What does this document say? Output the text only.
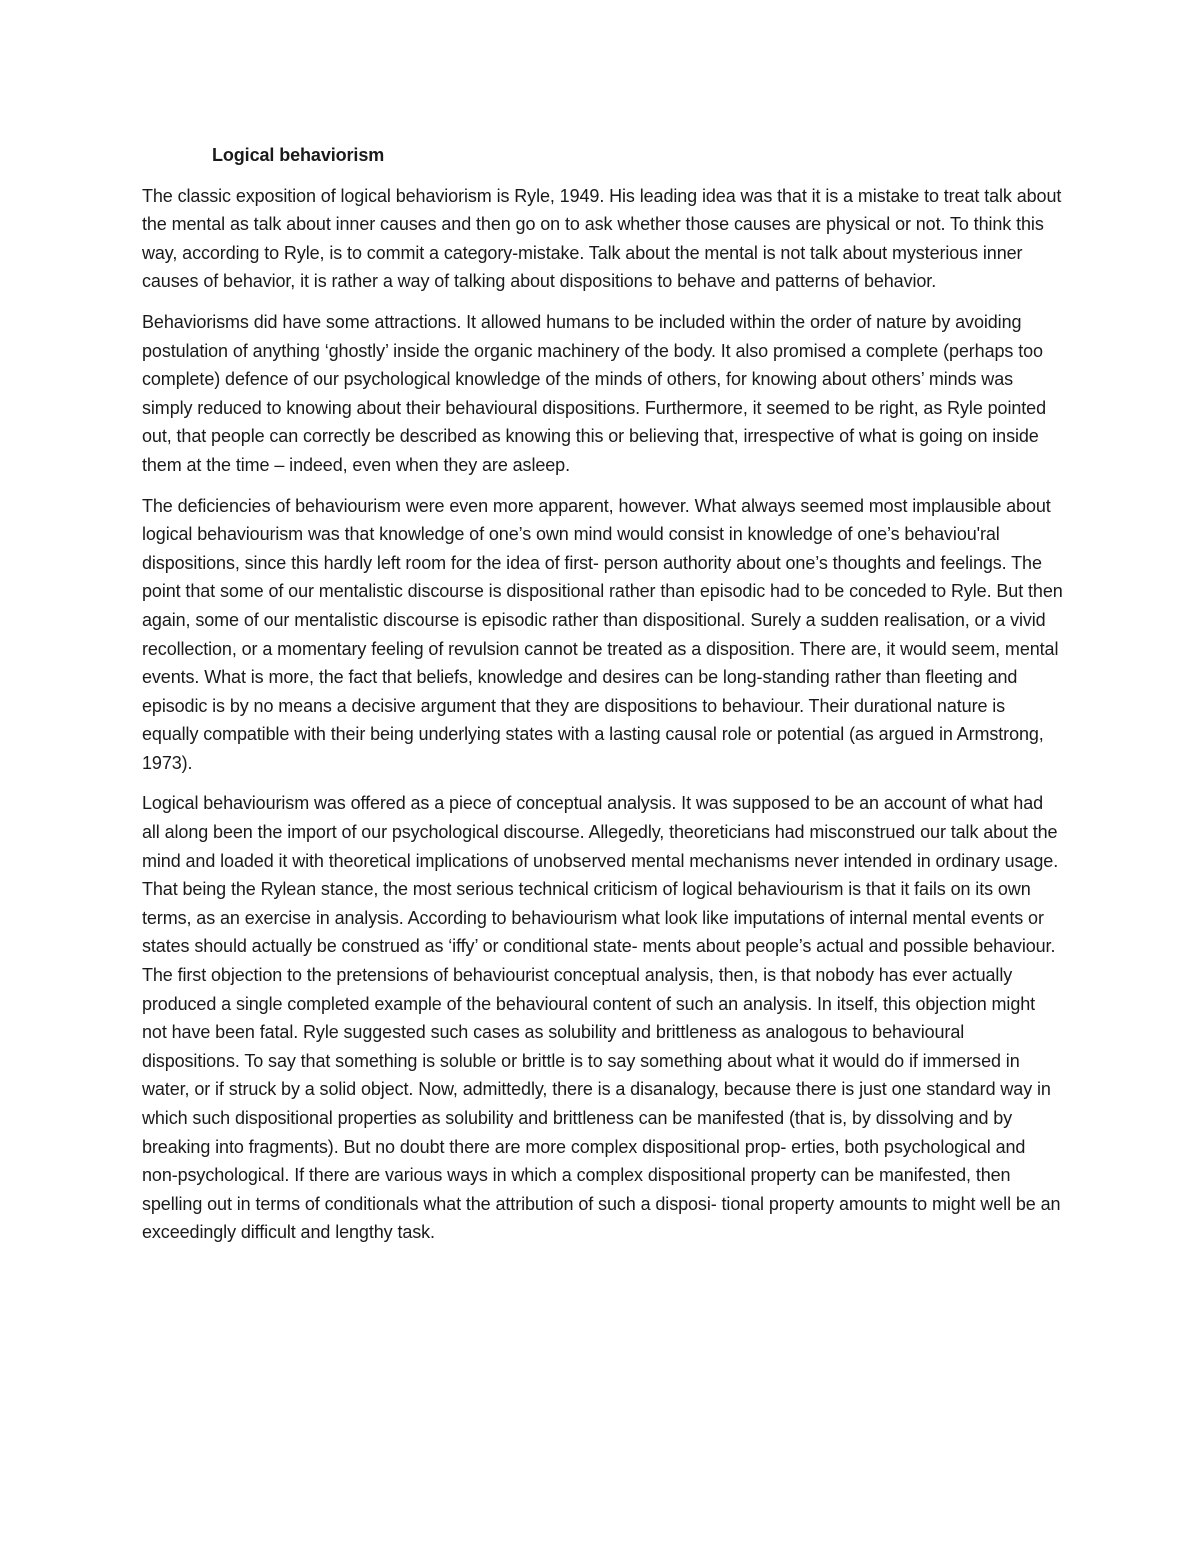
Logical behaviorism

The classic exposition of logical behaviorism is Ryle, 1949. His leading idea was that it is a mistake to treat talk about the mental as talk about inner causes and then go on to ask whether those causes are physical or not. To think this way, according to Ryle, is to commit a category-mistake. Talk about the mental is not talk about mysterious inner causes of behavior, it is rather a way of talking about dispositions to behave and patterns of behavior.

Behaviorisms did have some attractions. It allowed humans to be included within the order of nature by avoiding postulation of anything ‘ghostly’ inside the organic machinery of the body. It also promised a complete (perhaps too complete) defence of our psychological knowledge of the minds of others, for knowing about others’ minds was simply reduced to knowing about their behavioural dispositions. Furthermore, it seemed to be right, as Ryle pointed out, that people can correctly be described as knowing this or believing that, irrespective of what is going on inside them at the time – indeed, even when they are asleep.

The deficiencies of behaviourism were even more apparent, however. What always seemed most implausible about logical behaviourism was that knowledge of one’s own mind would consist in knowledge of one’s behaviou'ral dispositions, since this hardly left room for the idea of first- person authority about one’s thoughts and feelings. The point that some of our mentalistic discourse is dispositional rather than episodic had to be conceded to Ryle. But then again, some of our mentalistic discourse is episodic rather than dispositional. Surely a sudden realisation, or a vivid recollection, or a momentary feeling of revulsion cannot be treated as a disposition. There are, it would seem, mental events. What is more, the fact that beliefs, knowledge and desires can be long-standing rather than fleeting and episodic is by no means a decisive argument that they are dispositions to behaviour. Their durational nature is equally compatible with their being underlying states with a lasting causal role or potential (as argued in Armstrong, 1973).

Logical behaviourism was offered as a piece of conceptual analysis. It was supposed to be an account of what had all along been the import of our psychological discourse. Allegedly, theoreticians had misconstrued our talk about the mind and loaded it with theoretical implications of unobserved mental mechanisms never intended in ordinary usage. That being the Rylean stance, the most serious technical criticism of logical behaviourism is that it fails on its own terms, as an exercise in analysis. According to behaviourism what look like imputations of internal mental events or states should actually be construed as ‘iffy’ or conditional state- ments about people’s actual and possible behaviour. The first objection to the pretensions of behaviourist conceptual analysis, then, is that nobody has ever actually produced a single completed example of the behavioural content of such an analysis. In itself, this objection might not have been fatal. Ryle suggested such cases as solubility and brittleness as analogous to behavioural dispositions. To say that something is soluble or brittle is to say something about what it would do if immersed in water, or if struck by a solid object. Now, admittedly, there is a disanalogy, because there is just one standard way in which such dispositional properties as solubility and brittleness can be manifested (that is, by dissolving and by breaking into fragments). But no doubt there are more complex dispositional prop- erties, both psychological and non-psychological. If there are various ways in which a complex dispositional property can be manifested, then spelling out in terms of conditionals what the attribution of such a disposi- tional property amounts to might well be an exceedingly difficult and lengthy task.
